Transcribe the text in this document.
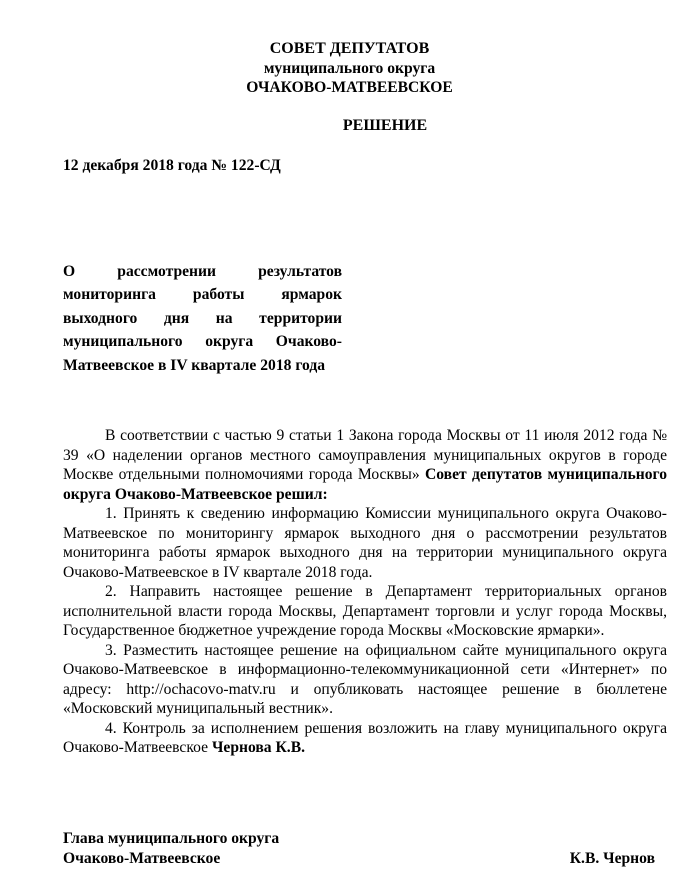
СОВЕТ ДЕПУТАТОВ
муниципального округа
ОЧАКОВО-МАТВЕЕВСКОЕ
РЕШЕНИЕ
12 декабря 2018 года № 122-СД
О рассмотрении результатов мониторинга работы ярмарок выходного дня на территории муниципального округа Очаково-Матвеевское в IV квартале 2018 года

В соответствии с частью 9 статьи 1 Закона города Москвы от 11 июля 2012 года № 39 «О наделении органов местного самоуправления муниципальных округов в городе Москве отдельными полномочиями города Москвы» Совет депутатов муниципального округа Очаково-Матвеевское решил:

1. Принять к сведению информацию Комиссии муниципального округа Очаково-Матвеевское по мониторингу ярмарок выходного дня о рассмотрении результатов мониторинга работы ярмарок выходного дня на территории муниципального округа Очаково-Матвеевское в IV квартале 2018 года.

2. Направить настоящее решение в Департамент территориальных органов исполнительной власти города Москвы, Департамент торговли и услуг города Москвы, Государственное бюджетное учреждение города Москвы «Московские ярмарки».

3. Разместить настоящее решение на официальном сайте муниципального округа Очаково-Матвеевское в информационно-телекоммуникационной сети «Интернет» по адресу: http://ochacovo-matv.ru и опубликовать настоящее решение в бюллетене «Московский муниципальный вестник».

4. Контроль за исполнением решения возложить на главу муниципального округа Очаково-Матвеевское Чернова К.В.

Глава муниципального округа
Очаково-Матвеевское	К.В. Чернов
